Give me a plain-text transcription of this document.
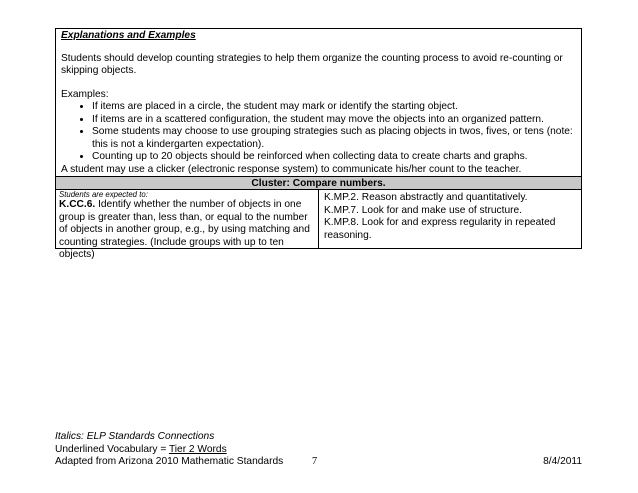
Explanations and Examples
Students should develop counting strategies to help them organize the counting process to avoid re-counting or skipping objects.
Examples:
• If items are placed in a circle, the student may mark or identify the starting object.
• If items are in a scattered configuration, the student may move the objects into an organized pattern.
• Some students may choose to use grouping strategies such as placing objects in twos, fives, or tens (note: this is not a kindergarten expectation).
• Counting up to 20 objects should be reinforced when collecting data to create charts and graphs.
A student may use a clicker (electronic response system) to communicate his/her count to the teacher.
Cluster: Compare numbers.
Students are expected to:
K.CC.6. Identify whether the number of objects in one group is greater than, less than, or equal to the number of objects in another group, e.g., by using matching and counting strategies. (Include groups with up to ten objects)
K.MP.2. Reason abstractly and quantitatively.
K.MP.7. Look for and make use of structure.
K.MP.8. Look for and express regularity in repeated reasoning.
Italics: ELP Standards Connections
Underlined Vocabulary = Tier 2 Words
Adapted from Arizona 2010 Mathematic Standards	7	8/4/2011
